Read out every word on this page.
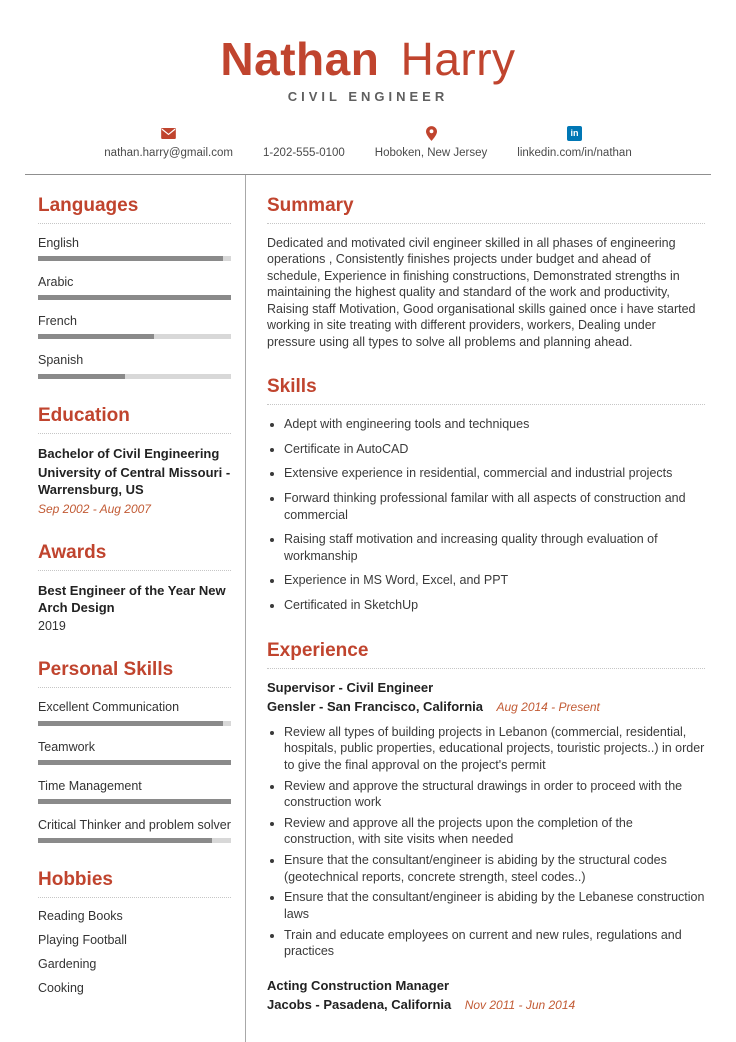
Nathan Harry
CIVIL ENGINEER
nathan.harry@gmail.com	1-202-555-0100	Hoboken, New Jersey
in
linkedin.com/in/nathan
Languages
English
Arabic
French
Spanish
Education
Bachelor of Civil Engineering
University of Central Missouri - Warrensburg, US
Sep 2002 - Aug 2007
Awards
Best Engineer of the Year New Arch Design
2019
Personal Skills
Excellent Communication
Teamwork
Time Management
Critical Thinker and problem solver
Hobbies
Reading Books
Playing Football
Gardening
Cooking
Summary

Dedicated and motivated civil engineer skilled in all phases of engineering operations , Consistently finishes projects under budget and ahead of schedule, Experience in finishing constructions, Demonstrated strengths in maintaining the highest quality and standard of the work and productivity, Raising staff Motivation, Good organisational skills gained once i have started working in site treating with different providers, workers, Dealing under pressure using all types to solve all problems and planning ahead.

Skills
• Adept with engineering tools and techniques
• Certificate in AutoCAD
• Extensive experience in residential, commercial and industrial projects
• Forward thinking professional familar with all aspects of construction and commercial
• Raising staff motivation and increasing quality through evaluation of workmanship
• Experience in MS Word, Excel, and PPT
• Certificated in SketchUp
Experience
Supervisor - Civil Engineer
Gensler - San Francisco, California Aug 2014 - Present
• Review all types of building projects in Lebanon (commercial, residential, hospitals, public properties, educational projects, touristic projects..) in order to give the final approval on the project's permit
• Review and approve the structural drawings in order to proceed with the construction work
• Review and approve all the projects upon the completion of the construction, with site visits when needed
• Ensure that the consultant/engineer is abiding by the structural codes (geotechnical reports, concrete strength, steel codes..)
• Ensure that the consultant/engineer is abiding by the Lebanese construction laws
• Train and educate employees on current and new rules, regulations and practices
Acting Construction Manager
Jacobs - Pasadena, California Nov 2011 - Jun 2014
